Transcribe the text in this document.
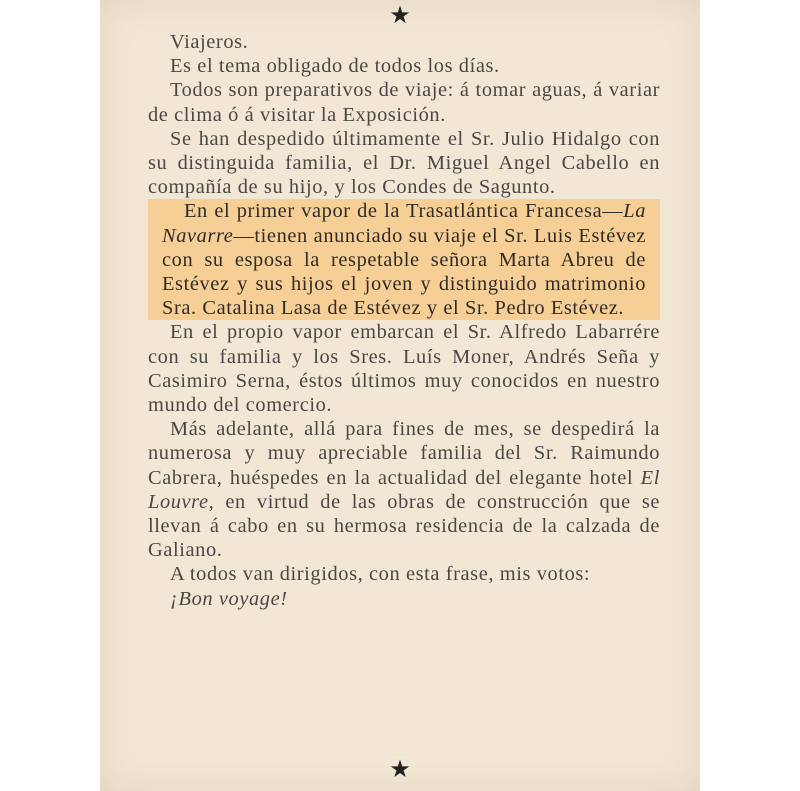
★

Viajeros.

Es el tema obligado de todos los días.

Todos son preparativos de viaje: á tomar aguas, á variar de clima ó á visitar la Exposición.

Se han despedido últimamente el Sr. Julio Hidalgo con su distinguida familia, el Dr. Miguel Angel Cabello en compañía de su hijo, y los Condes de Sagunto.

En el primer vapor de la Trasatlántica Francesa—La Navarre—tienen anunciado su viaje el Sr. Luis Estévez con su esposa la respetable señora Marta Abreu de Estévez y sus hijos el joven y distinguido matrimonio Sra. Catalina Lasa de Estévez y el Sr. Pedro Estévez.

En el propio vapor embarcan el Sr. Alfredo Labarrére con su familia y los Sres. Luís Moner, Andrés Seña y Casimiro Serna, éstos últimos muy conocidos en nuestro mundo del comercio.

Más adelante, allá para fines de mes, se despedirá la numerosa y muy apreciable familia del Sr. Raimundo Cabrera, huéspedes en la actualidad del elegante hotel El Louvre, en virtud de las obras de construcción que se llevan á cabo en su hermosa residencia de la calzada de Galiano.

A todos van dirigidos, con esta frase, mis votos:

¡Bon voyage!

★
